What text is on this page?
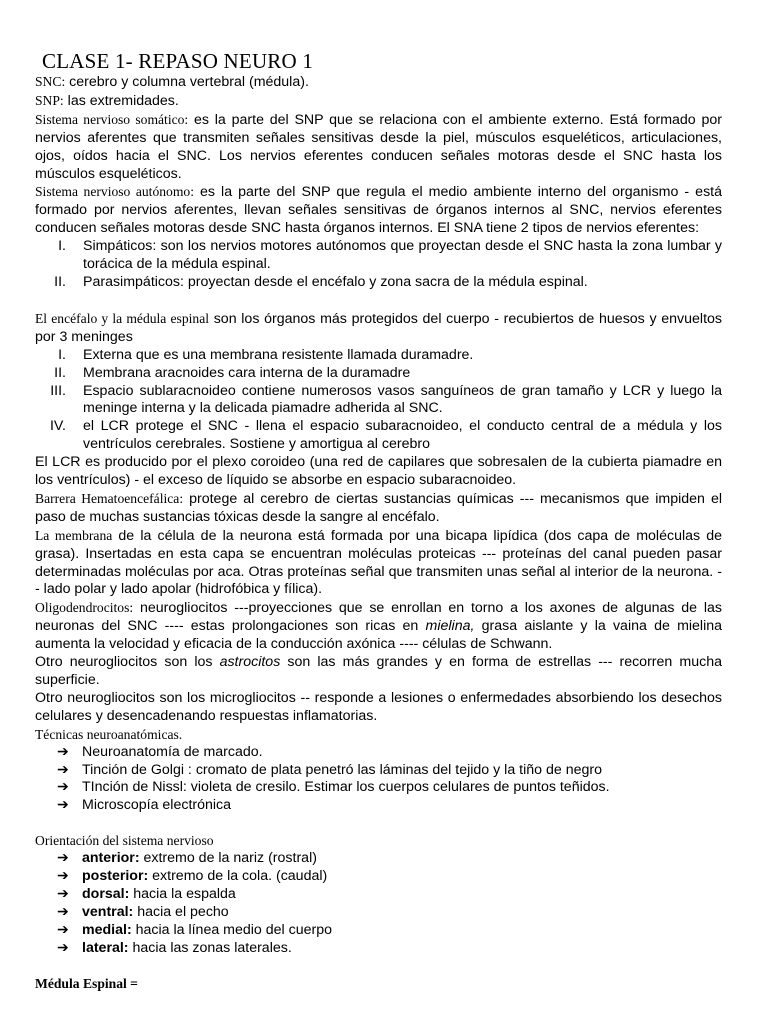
CLASE 1- REPASO NEURO 1

SNC: cerebro y columna vertebral (médula).

SNP: las extremidades.

Sistema nervioso somático: es la parte del SNP que se relaciona con el ambiente externo. Está formado por nervios aferentes que transmiten señales sensitivas desde la piel, músculos esqueléticos, articulaciones, ojos, oídos hacia el SNC. Los nervios eferentes conducen señales motoras desde el SNC hasta los músculos esqueléticos.

Sistema nervioso autónomo: es la parte del SNP que regula el medio ambiente interno del organismo - está formado por nervios aferentes, llevan señales sensitivas de órganos internos al SNC, nervios eferentes conducen señales motoras desde SNC hasta órganos internos. El SNA tiene 2 tipos de nervios eferentes:

I.	Simpáticos: son los nervios motores autónomos que proyectan desde el SNC hasta la zona lumbar y torácica de la médula espinal.
II.	Parasimpáticos: proyectan desde el encéfalo y zona sacra de la médula espinal.

El encéfalo y la médula espinal son los órganos más protegidos del cuerpo - recubiertos de huesos y envueltos por 3 meninges

I.	Externa que es una membrana resistente llamada duramadre.
II.	Membrana aracnoides cara interna de la duramadre
III.	Espacio sublaracnoideo contiene numerosos vasos sanguíneos de gran tamaño y LCR y luego la meninge interna y la delicada piamadre adherida al SNC.
IV.	el LCR protege el SNC - llena el espacio subaracnoideo, el conducto central de a médula y los ventrículos cerebrales. Sostiene y amortigua al cerebro

El LCR es producido por el plexo coroideo (una red de capilares que sobresalen de la cubierta piamadre en los ventrículos) - el exceso de líquido se absorbe en espacio subaracnoideo.

Barrera Hematoencefálica: protege al cerebro de ciertas sustancias químicas --- mecanismos que impiden el paso de muchas sustancias tóxicas desde la sangre al encéfalo.

La membrana de la célula de la neurona está formada por una bicapa lipídica (dos capa de moléculas de grasa). Insertadas en esta capa se encuentran moléculas proteicas --- proteínas del canal pueden pasar determinadas moléculas por aca. Otras proteínas señal que transmiten unas señal al interior de la neurona. -- lado polar y lado apolar (hidrofóbica y fílica).

Oligodendrocitos: neurogliocitos ---proyecciones que se enrollan en torno a los axones de algunas de las neuronas del SNC ---- estas prolongaciones son ricas en mielina, grasa aislante y la vaina de mielina aumenta la velocidad y eficacia de la conducción axónica ---- células de Schwann.

Otro neurogliocitos son los astrocitos son las más grandes y en forma de estrellas --- recorren mucha superficie.

Otro neurogliocitos son los microgliocitos -- responde a lesiones o enfermedades absorbiendo los desechos celulares y desencadenando respuestas inflamatorias.

Técnicas neuroanatómicas.

➔ Neuroanatomía de marcado.
➔ Tinción de Golgi : cromato de plata penetró las láminas del tejido y la tiño de negro
➔ TInción de Nissl: violeta de cresilo. Estimar los cuerpos celulares de puntos teñidos.
➔ Microscopía electrónica

Orientación del sistema nervioso

➔ anterior: extremo de la nariz (rostral)
➔ posterior: extremo de la cola. (caudal)
➔ dorsal: hacia la espalda
➔ ventral: hacia el pecho
➔ medial: hacia la línea medio del cuerpo
➔ lateral: hacia las zonas laterales.

Médula Espinal =
